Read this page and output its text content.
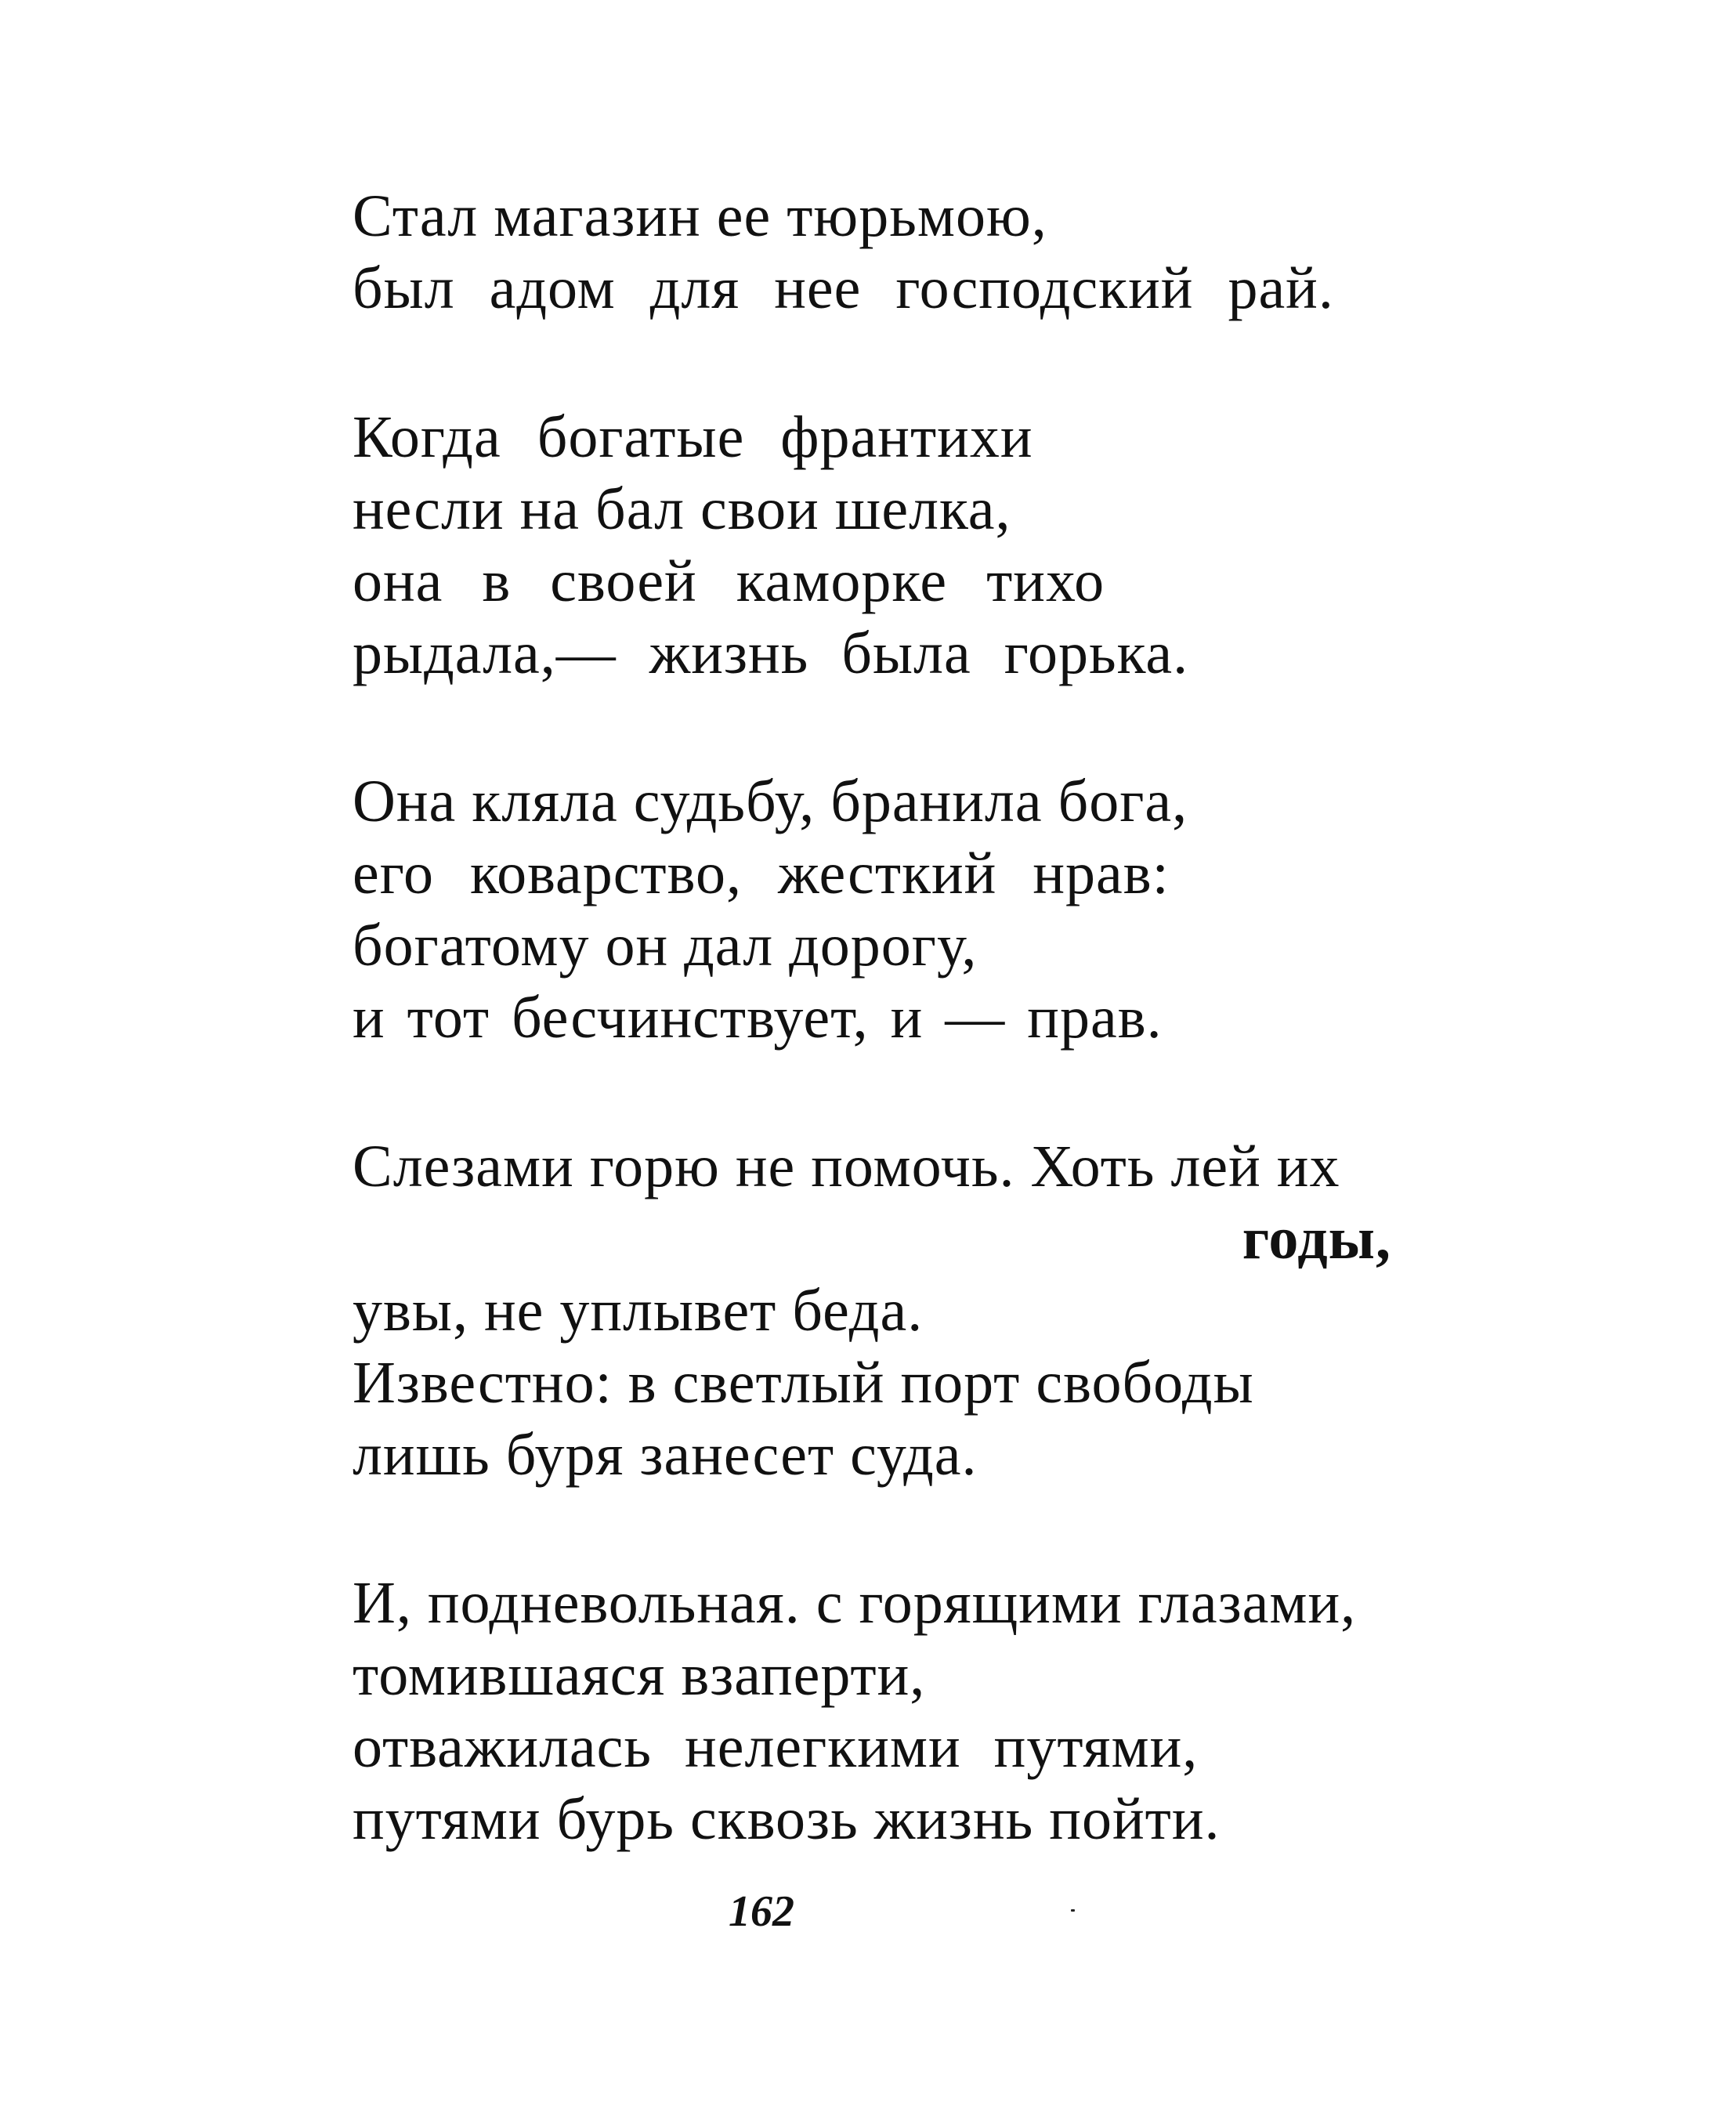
Стал магазин ее тюрьмою,
был адом для нее господский рай.
Когда богатые франтихи
несли на бал свои шелка,
она в своей каморке тихо
рыдала,— жизнь была горька.
Она кляла судьбу, бранила бога,
его коварство, жесткий нрав:
богатому он дал дорогу,
и тот бесчинствует, и — прав.
Слезами горю не помочь. Хоть лей их
годы,
увы, не уплывет беда.
Известно: в светлый порт свободы
лишь буря занесет суда.
И, подневольная. с горящими глазами,
томившаяся взаперти,
отважилась нелегкими путями,
путями бурь сквозь жизнь пойти.
162
